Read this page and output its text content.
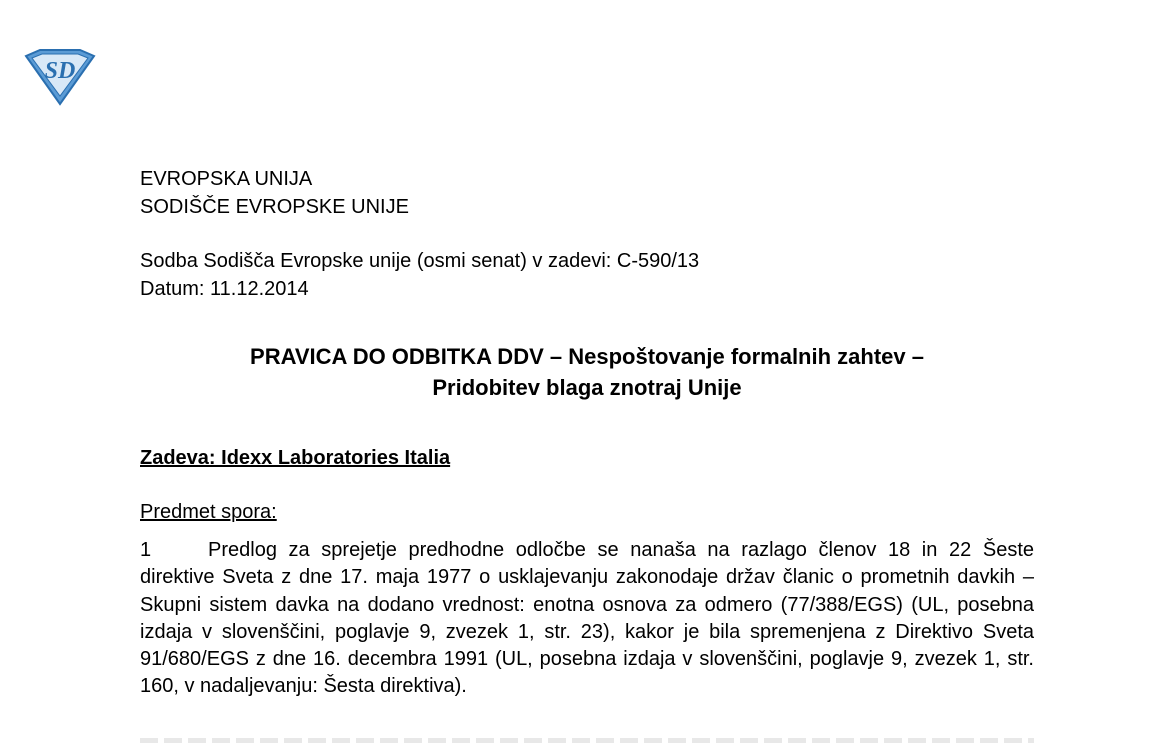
SD
EVROPSKA UNIJA
SODIŠČE EVROPSKE UNIJE
Sodba Sodišča Evropske unije (osmi senat) v zadevi: C-590/13
Datum: 11.12.2014
PRAVICA DO ODBITKA DDV – Nespoštovanje formalnih zahtev –
Pridobitev blaga znotraj Unije
Zadeva: Idexx Laboratories Italia
Predmet spora:
1	Predlog za sprejetje predhodne odločbe se nanaša na razlago členov 18 in 22 Šeste direktive Sveta z dne 17. maja 1977 o usklajevanju zakonodaje držav članic o prometnih davkih – Skupni sistem davka na dodano vrednost: enotna osnova za odmero (77/388/EGS) (UL, posebna izdaja v slovenščini, poglavje 9, zvezek 1, str. 23), kakor je bila spremenjena z Direktivo Sveta 91/680/EGS z dne 16. decembra 1991 (UL, posebna izdaja v slovenščini, poglavje 9, zvezek 1, str. 160, v nadaljevanju: Šesta direktiva).
